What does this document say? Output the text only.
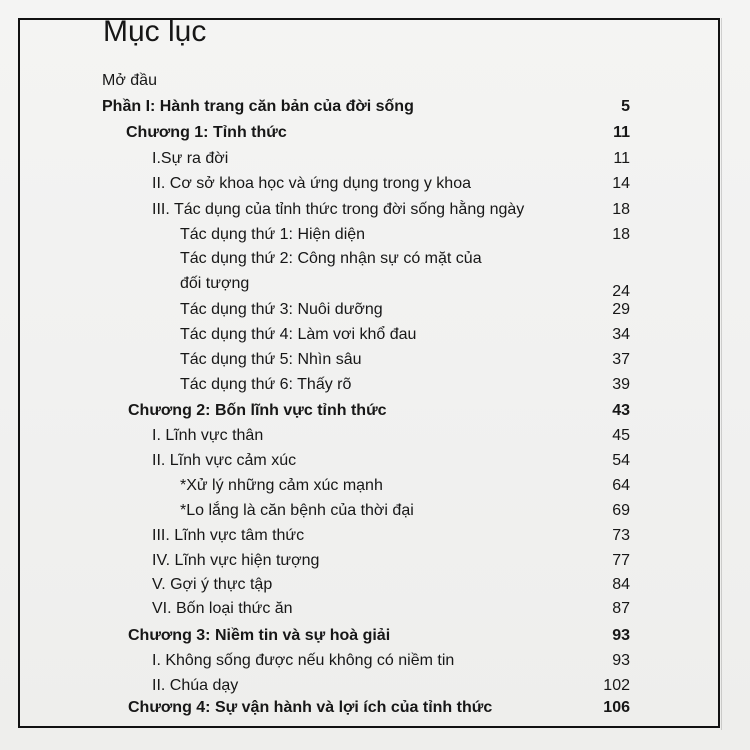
Mục lục
Mở đầu
Phần I: Hành trang căn bản của đời sống	5
Chương 1: Tỉnh thức	11
I.Sự ra đời	11
II. Cơ sở khoa học và ứng dụng trong y khoa	14
III. Tác dụng của tỉnh thức trong đời sống hằng ngày	18
Tác dụng thứ 1: Hiện diện	18
Tác dụng thứ 2: Công nhận sự có mặt của
đối tượng	24
Tác dụng thứ 3: Nuôi dưỡng	29
Tác dụng thứ 4: Làm vơi khổ đau	34
Tác dụng thứ 5: Nhìn sâu	37
Tác dụng thứ 6: Thấy rõ	39
Chương 2: Bốn lĩnh vực tỉnh thức	43
I. Lĩnh vực thân	45
II. Lĩnh vực cảm xúc	54
*Xử lý những cảm xúc mạnh	64
*Lo lắng là căn bệnh của thời đại	69
III. Lĩnh vực tâm thức	73
IV. Lĩnh vực hiện tượng	77
V. Gợi ý thực tập	84
VI. Bốn loại thức ăn	87
Chương 3: Niềm tin và sự hoà giải	93
I. Không sống được nếu không có niềm tin	93
II. Chúa dạy	102
Chương 4: Sự vận hành và lợi ích của tỉnh thức	106
